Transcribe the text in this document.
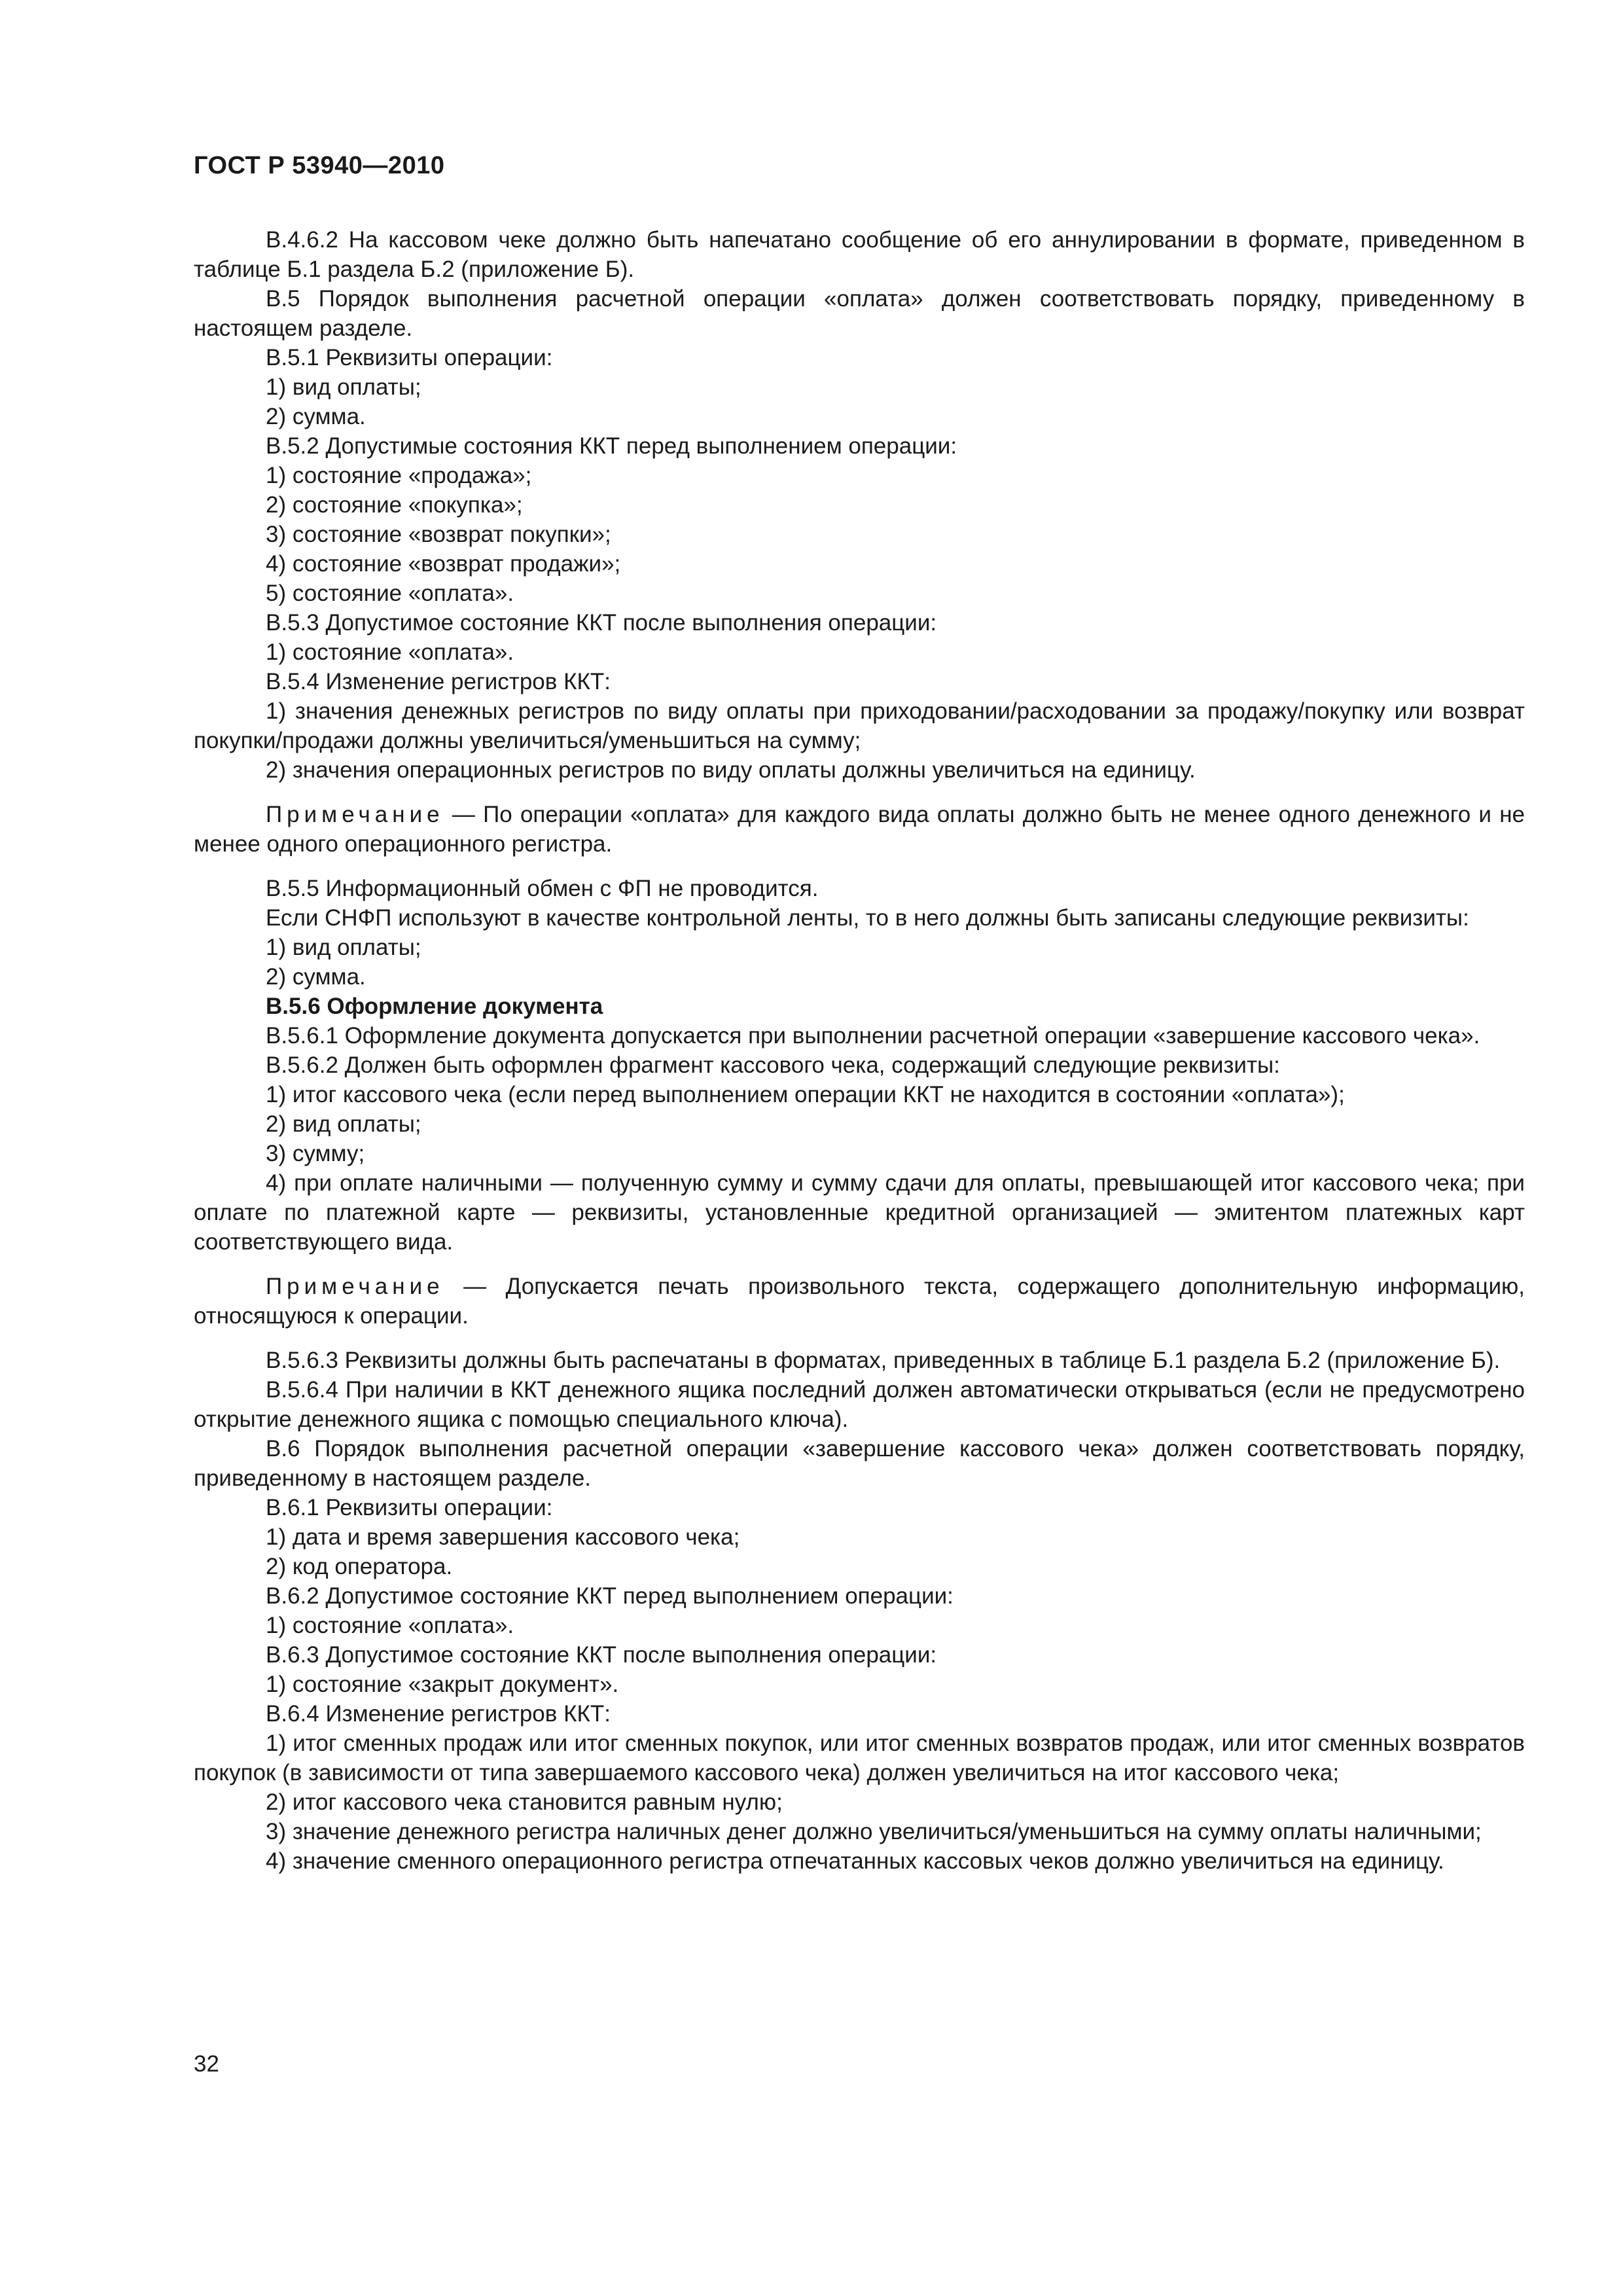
ГОСТ Р 53940—2010

В.4.6.2 На кассовом чеке должно быть напечатано сообщение об его аннулировании в формате, приведенном в таблице Б.1 раздела Б.2 (приложение Б).

В.5 Порядок выполнения расчетной операции «оплата» должен соответствовать порядку, приведенному в настоящем разделе.

В.5.1 Реквизиты операции:

1) вид оплаты;

2) сумма.

В.5.2 Допустимые состояния ККТ перед выполнением операции:

1) состояние «продажа»;

2) состояние «покупка»;

3) состояние «возврат покупки»;

4) состояние «возврат продажи»;

5) состояние «оплата».

В.5.3 Допустимое состояние ККТ после выполнения операции:

1) состояние «оплата».

В.5.4 Изменение регистров ККТ:

1) значения денежных регистров по виду оплаты при приходовании/расходовании за продажу/покупку или возврат покупки/продажи должны увеличиться/уменьшиться на сумму;

2) значения операционных регистров по виду оплаты должны увеличиться на единицу.

Примечание — По операции «оплата» для каждого вида оплаты должно быть не менее одного денежного и не менее одного операционного регистра.

В.5.5 Информационный обмен с ФП не проводится.

Если СНФП используют в качестве контрольной ленты, то в него должны быть записаны следующие реквизиты:

1) вид оплаты;

2) сумма.

В.5.6 Оформление документа

В.5.6.1 Оформление документа допускается при выполнении расчетной операции «завершение кассового чека».

В.5.6.2 Должен быть оформлен фрагмент кассового чека, содержащий следующие реквизиты:

1) итог кассового чека (если перед выполнением операции ККТ не находится в состоянии «оплата»);

2) вид оплаты;

3) сумму;

4) при оплате наличными — полученную сумму и сумму сдачи для оплаты, превышающей итог кассового чека; при оплате по платежной карте — реквизиты, установленные кредитной организацией — эмитентом платежных карт соответствующего вида.

Примечание — Допускается печать произвольного текста, содержащего дополнительную информацию, относящуюся к операции.

В.5.6.3 Реквизиты должны быть распечатаны в форматах, приведенных в таблице Б.1 раздела Б.2 (приложение Б).

В.5.6.4 При наличии в ККТ денежного ящика последний должен автоматически открываться (если не предусмотрено открытие денежного ящика с помощью специального ключа).

В.6 Порядок выполнения расчетной операции «завершение кассового чека» должен соответствовать порядку, приведенному в настоящем разделе.

В.6.1 Реквизиты операции:

1) дата и время завершения кассового чека;

2) код оператора.

В.6.2 Допустимое состояние ККТ перед выполнением операции:

1) состояние «оплата».

В.6.3 Допустимое состояние ККТ после выполнения операции:

1) состояние «закрыт документ».

В.6.4 Изменение регистров ККТ:

1) итог сменных продаж или итог сменных покупок, или итог сменных возвратов продаж, или итог сменных возвратов покупок (в зависимости от типа завершаемого кассового чека) должен увеличиться на итог кассового чека;

2) итог кассового чека становится равным нулю;

3) значение денежного регистра наличных денег должно увеличиться/уменьшиться на сумму оплаты наличными;

4) значение сменного операционного регистра отпечатанных кассовых чеков должно увеличиться на единицу.

32
